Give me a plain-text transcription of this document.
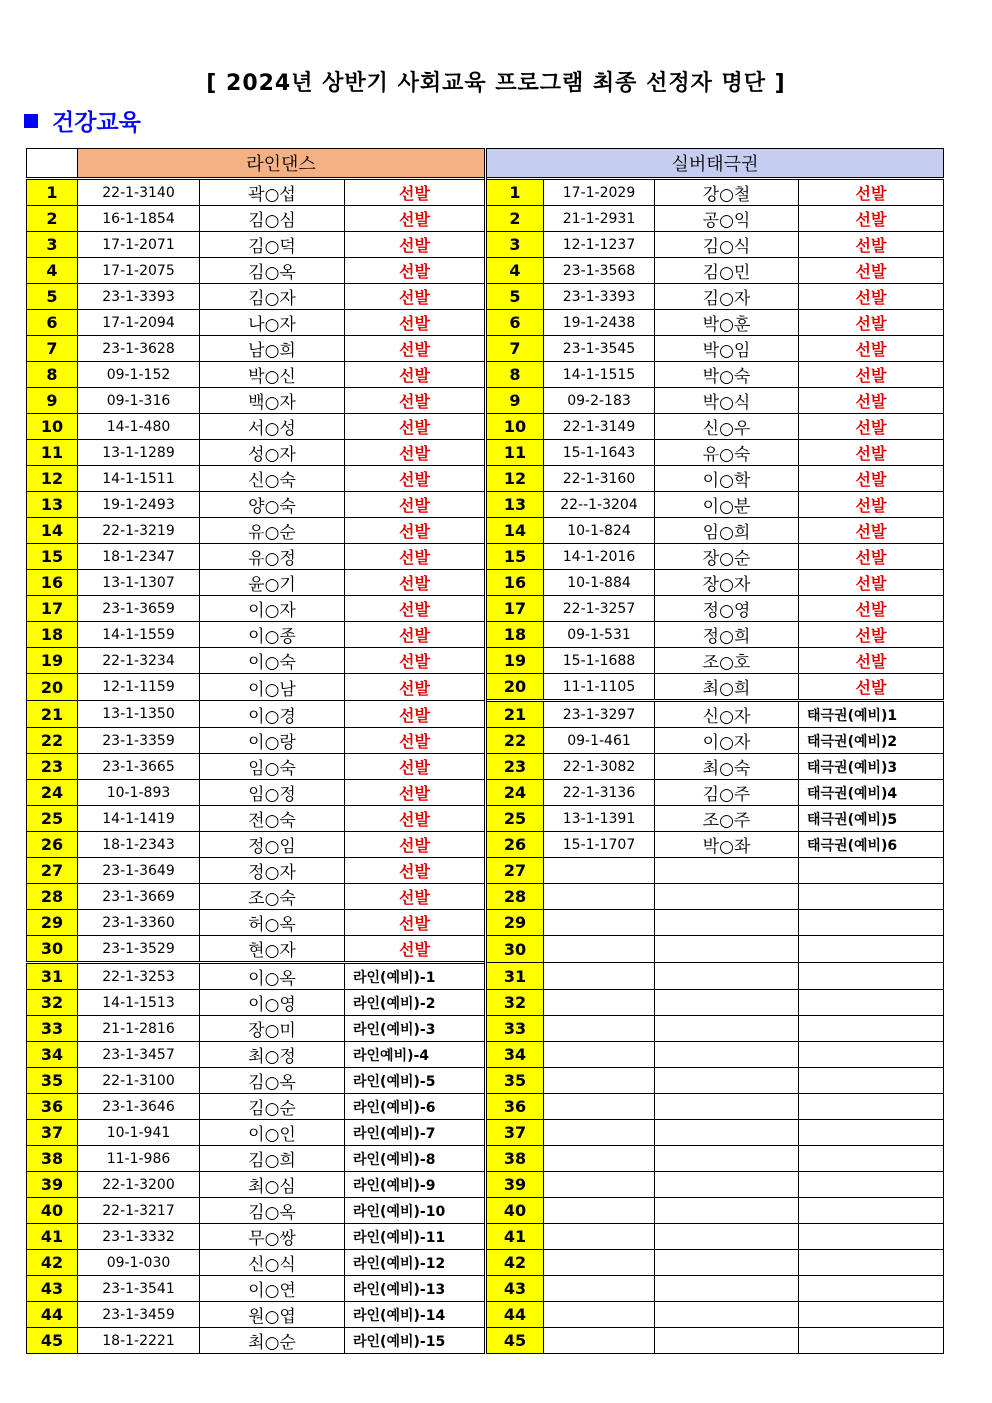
[ 2024년 상반기 사회교육 프로그램 최종 선정자 명단 ]
건강교육
	라인댄스			실버태극권			
1	22-1-3140	곽○섭	선발	1	17-1-2029	강○철	선발
2	16-1-1854	김○심	선발	2	21-1-2931	공○익	선발
3	17-1-2071	김○덕	선발	3	12-1-1237	김○식	선발
4	17-1-2075	김○옥	선발	4	23-1-3568	김○민	선발
5	23-1-3393	김○자	선발	5	23-1-3393	김○자	선발
6	17-1-2094	나○자	선발	6	19-1-2438	박○훈	선발
7	23-1-3628	남○희	선발	7	23-1-3545	박○임	선발
8	09-1-152	박○신	선발	8	14-1-1515	박○숙	선발
9	09-1-316	백○자	선발	9	09-2-183	박○식	선발
10	14-1-480	서○성	선발	10	22-1-3149	신○우	선발
11	13-1-1289	성○자	선발	11	15-1-1643	유○숙	선발
12	14-1-1511	신○숙	선발	12	22-1-3160	이○학	선발
13	19-1-2493	양○숙	선발	13	22--1-3204	이○분	선발
14	22-1-3219	유○순	선발	14	10-1-824	임○희	선발
15	18-1-2347	유○정	선발	15	14-1-2016	장○순	선발
16	13-1-1307	윤○기	선발	16	10-1-884	장○자	선발
17	23-1-3659	이○자	선발	17	22-1-3257	정○영	선발
18	14-1-1559	이○종	선발	18	09-1-531	정○희	선발
19	22-1-3234	이○숙	선발	19	15-1-1688	조○호	선발
20	12-1-1159	이○남	선발	20	11-1-1105	최○희	선발
21	13-1-1350	이○경	선발	21	23-1-3297	신○자	태극권(예비)1
22	23-1-3359	이○랑	선발	22	09-1-461	이○자	태극권(예비)2
23	23-1-3665	임○숙	선발	23	22-1-3082	최○숙	태극권(예비)3
24	10-1-893	임○정	선발	24	22-1-3136	김○주	태극권(예비)4
25	14-1-1419	전○숙	선발	25	13-1-1391	조○주	태극권(예비)5
26	18-1-2343	정○임	선발	26	15-1-1707	박○좌	태극권(예비)6
27	23-1-3649	정○자	선발	27			
28	23-1-3669	조○숙	선발	28			
29	23-1-3360	허○옥	선발	29			
30	23-1-3529	현○자	선발	30			
31	22-1-3253	이○옥	라인(예비)-1	31			
32	14-1-1513	이○영	라인(예비)-2	32			
33	21-1-2816	장○미	라인(예비)-3	33			
34	23-1-3457	최○정	라인예비)-4	34			
35	22-1-3100	김○옥	라인(예비)-5	35			
36	23-1-3646	김○순	라인(예비)-6	36			
37	10-1-941	이○인	라인(예비)-7	37			
38	11-1-986	김○희	라인(예비)-8	38			
39	22-1-3200	최○심	라인(예비)-9	39			
40	22-1-3217	김○옥	라인(예비)-10	40			
41	23-1-3332	무○쌍	라인(예비)-11	41			
42	09-1-030	신○식	라인(예비)-12	42			
43	23-1-3541	이○연	라인(예비)-13	43			
44	23-1-3459	원○엽	라인(예비)-14	44			
45	18-1-2221	최○순	라인(예비)-15	45			
